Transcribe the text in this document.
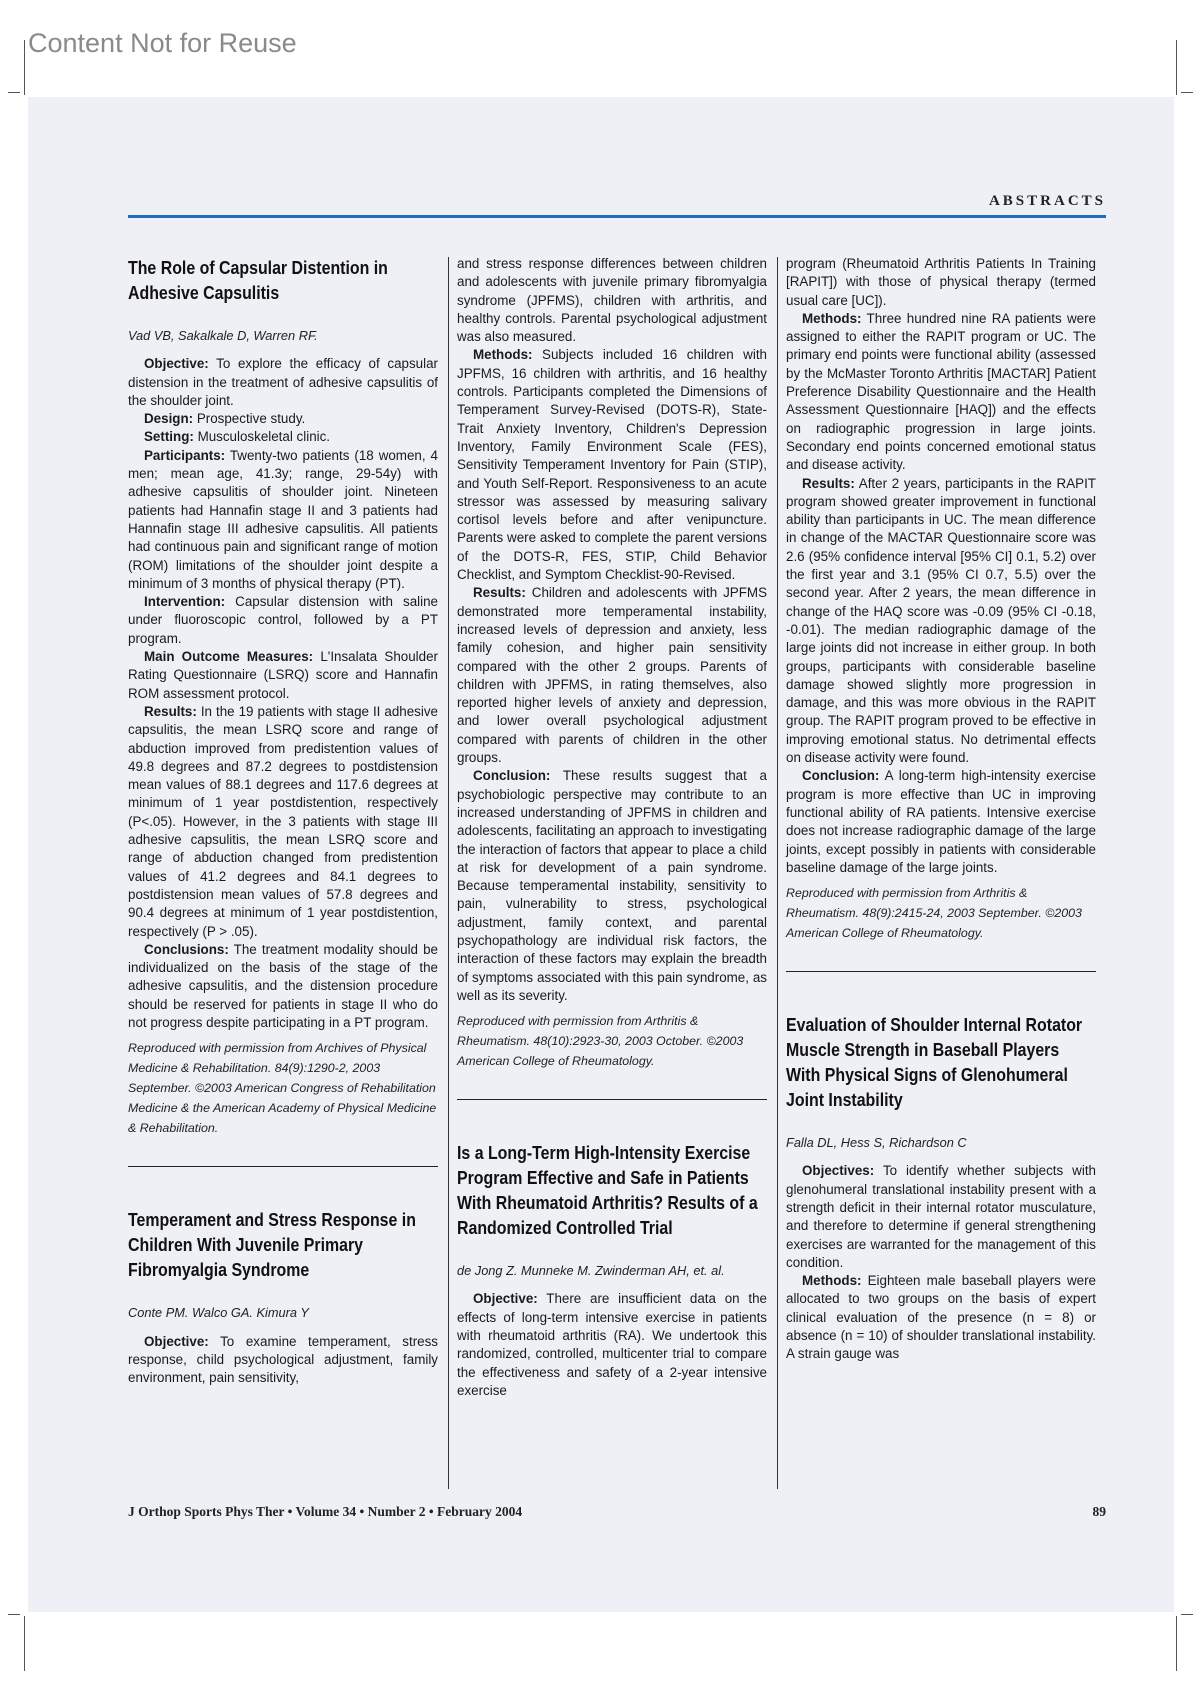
Content Not for Reuse
ABSTRACTS
The Role of Capsular Distention in Adhesive Capsulitis
Vad VB, Sakalkale D, Warren RF.

Objective: To explore the efficacy of capsular distension in the treatment of adhesive capsulitis of the shoulder joint.

Design: Prospective study.

Setting: Musculoskeletal clinic.

Participants: Twenty-two patients (18 women, 4 men; mean age, 41.3y; range, 29-54y) with adhesive capsulitis of shoulder joint. Nineteen patients had Hannafin stage II and 3 patients had Hannafin stage III adhesive capsulitis. All patients had continuous pain and significant range of motion (ROM) limitations of the shoulder joint despite a minimum of 3 months of physical therapy (PT).

Intervention: Capsular distension with saline under fluoroscopic control, followed by a PT program.

Main Outcome Measures: L'Insalata Shoulder Rating Questionnaire (LSRQ) score and Hannafin ROM assessment protocol.

Results: In the 19 patients with stage II adhesive capsulitis, the mean LSRQ score and range of abduction improved from predistention values of 49.8 degrees and 87.2 degrees to postdistension mean values of 88.1 degrees and 117.6 degrees at minimum of 1 year postdistention, respectively (P<.05). However, in the 3 patients with stage III adhesive capsulitis, the mean LSRQ score and range of abduction changed from predistention values of 41.2 degrees and 84.1 degrees to postdistension mean values of 57.8 degrees and 90.4 degrees at minimum of 1 year postdistention, respectively (P > .05).

Conclusions: The treatment modality should be individualized on the basis of the stage of the adhesive capsulitis, and the distension procedure should be reserved for patients in stage II who do not progress despite participating in a PT program.

Reproduced with permission from Archives of Physical Medicine & Rehabilitation. 84(9):1290-2, 2003 September. ©2003 American Congress of Rehabilitation Medicine & the American Academy of Physical Medicine & Rehabilitation.
Temperament and Stress Response in Children With Juvenile Primary Fibromyalgia Syndrome
Conte PM. Walco GA. Kimura Y

Objective: To examine temperament, stress response, child psychological adjustment, family environment, pain sensitivity,

and stress response differences between children and adolescents with juvenile primary fibromyalgia syndrome (JPFMS), children with arthritis, and healthy controls. Parental psychological adjustment was also measured.

Methods: Subjects included 16 children with JPFMS, 16 children with arthritis, and 16 healthy controls. Participants completed the Dimensions of Temperament Survey-Revised (DOTS-R), State-Trait Anxiety Inventory, Children's Depression Inventory, Family Environment Scale (FES), Sensitivity Temperament Inventory for Pain (STIP), and Youth Self-Report. Responsiveness to an acute stressor was assessed by measuring salivary cortisol levels before and after venipuncture. Parents were asked to complete the parent versions of the DOTS-R, FES, STIP, Child Behavior Checklist, and Symptom Checklist-90-Revised.

Results: Children and adolescents with JPFMS demonstrated more temperamental instability, increased levels of depression and anxiety, less family cohesion, and higher pain sensitivity compared with the other 2 groups. Parents of children with JPFMS, in rating themselves, also reported higher levels of anxiety and depression, and lower overall psychological adjustment compared with parents of children in the other groups.

Conclusion: These results suggest that a psychobiologic perspective may contribute to an increased understanding of JPFMS in children and adolescents, facilitating an approach to investigating the interaction of factors that appear to place a child at risk for development of a pain syndrome. Because temperamental instability, sensitivity to pain, vulnerability to stress, psychological adjustment, family context, and parental psychopathology are individual risk factors, the interaction of these factors may explain the breadth of symptoms associated with this pain syndrome, as well as its severity.

Reproduced with permission from Arthritis & Rheumatism. 48(10):2923-30, 2003 October. ©2003 American College of Rheumatology.
Is a Long-Term High-Intensity Exercise Program Effective and Safe in Patients With Rheumatoid Arthritis? Results of a Randomized Controlled Trial
de Jong Z. Munneke M. Zwinderman AH, et. al.

Objective: There are insufficient data on the effects of long-term intensive exercise in patients with rheumatoid arthritis (RA). We undertook this randomized, controlled, multicenter trial to compare the effectiveness and safety of a 2-year intensive exercise

program (Rheumatoid Arthritis Patients In Training [RAPIT]) with those of physical therapy (termed usual care [UC]).

Methods: Three hundred nine RA patients were assigned to either the RAPIT program or UC. The primary end points were functional ability (assessed by the McMaster Toronto Arthritis [MACTAR] Patient Preference Disability Questionnaire and the Health Assessment Questionnaire [HAQ]) and the effects on radiographic progression in large joints. Secondary end points concerned emotional status and disease activity.

Results: After 2 years, participants in the RAPIT program showed greater improvement in functional ability than participants in UC. The mean difference in change of the MACTAR Questionnaire score was 2.6 (95% confidence interval [95% CI] 0.1, 5.2) over the first year and 3.1 (95% CI 0.7, 5.5) over the second year. After 2 years, the mean difference in change of the HAQ score was -0.09 (95% CI -0.18, -0.01). The median radiographic damage of the large joints did not increase in either group. In both groups, participants with considerable baseline damage showed slightly more progression in damage, and this was more obvious in the RAPIT group. The RAPIT program proved to be effective in improving emotional status. No detrimental effects on disease activity were found.

Conclusion: A long-term high-intensity exercise program is more effective than UC in improving functional ability of RA patients. Intensive exercise does not increase radiographic damage of the large joints, except possibly in patients with considerable baseline damage of the large joints.

Reproduced with permission from Arthritis & Rheumatism. 48(9):2415-24, 2003 September. ©2003 American College of Rheumatology.
Evaluation of Shoulder Internal Rotator Muscle Strength in Baseball Players With Physical Signs of Glenohumeral Joint Instability
Falla DL, Hess S, Richardson C

Objectives: To identify whether subjects with glenohumeral translational instability present with a strength deficit in their internal rotator musculature, and therefore to determine if general strengthening exercises are warranted for the management of this condition.

Methods: Eighteen male baseball players were allocated to two groups on the basis of expert clinical evaluation of the presence (n = 8) or absence (n = 10) of shoulder translational instability. A strain gauge was

J Orthop Sports Phys Ther • Volume 34 • Number 2 • February 2004	89
